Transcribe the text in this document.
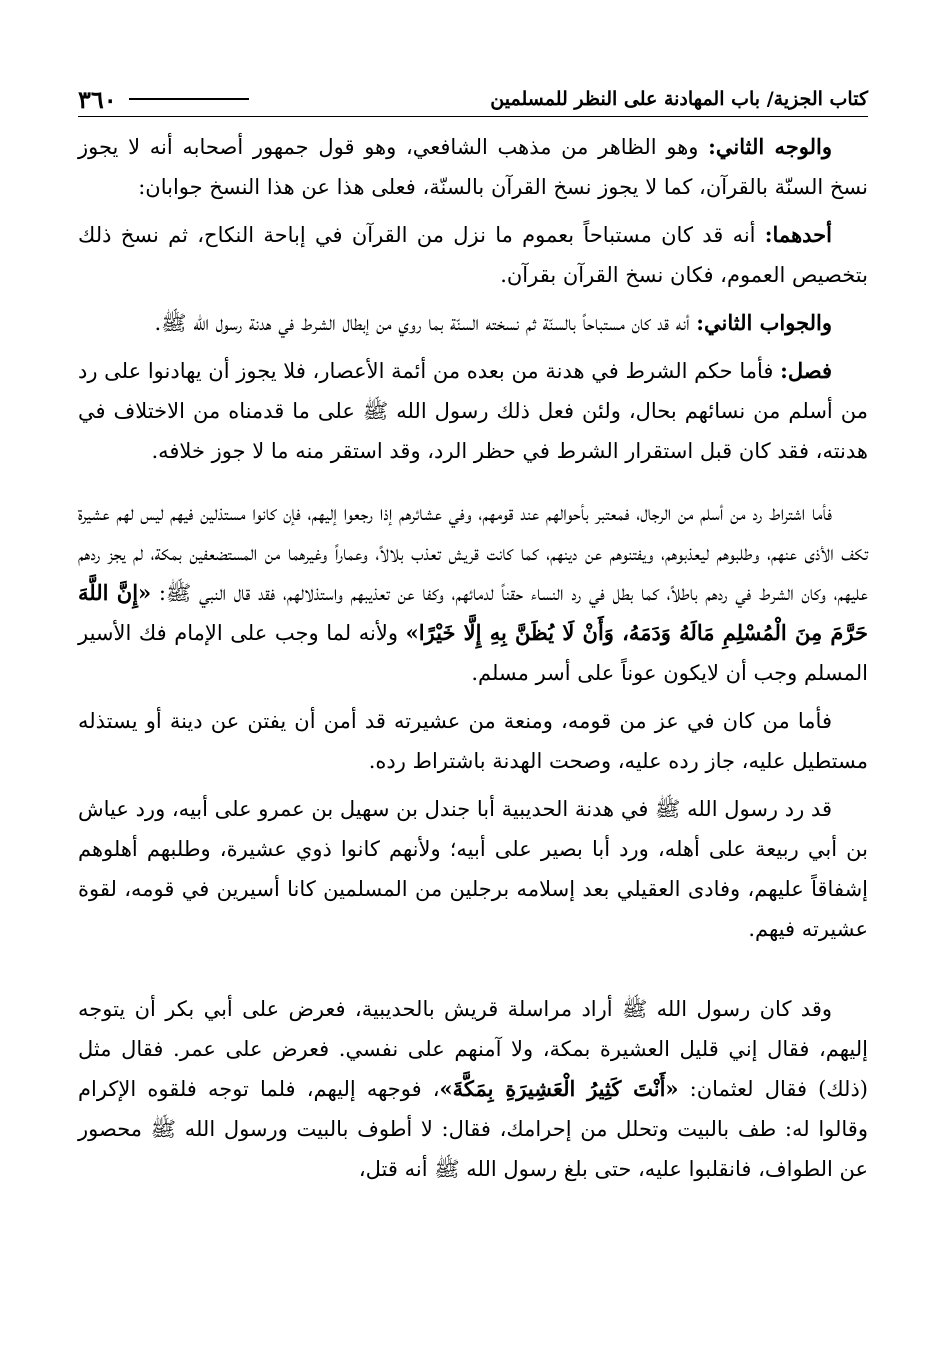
كتاب الجزية/ باب المهادنة على النظر للمسلمين
٣٦٠

والوجه الثاني: وهو الظاهر من مذهب الشافعي، وهو قول جمهور أصحابه أنه لا يجوز نسخ السنّة بالقرآن، كما لا يجوز نسخ القرآن بالسنّة، فعلى هذا عن هذا النسخ جوابان:

أحدهما: أنه قد كان مستباحاً بعموم ما نزل من القرآن في إباحة النكاح، ثم نسخ ذلك بتخصيص العموم، فكان نسخ القرآن بقرآن.

والجواب الثاني: أنه قد كان مستباحاً بالسنّة ثم نسخته السنّة بما روي من إبطال الشرط في هدنة رسول الله ﷺ.

فصل: فأما حكم الشرط في هدنة من بعده من أئمة الأعصار، فلا يجوز أن يهادنوا على رد من أسلم من نسائهم بحال، ولئن فعل ذلك رسول الله ﷺ على ما قدمناه من الاختلاف في هدنته، فقد كان قبل استقرار الشرط في حظر الرد، وقد استقر منه ما لا جوز خلافه.

فأما اشتراط رد من أسلم من الرجال، فمعتبر بأحوالهم عند قومهم، وفي عشائرهم إذا رجعوا إليهم، فإن كانوا مستذلين فيهم ليس لهم عشيرة تكف الأذى عنهم، وطلبوهم ليعذبوهم، ويفتنوهم عن دينهم، كما كانت قريش تعذب بلالاً، وعماراً وغيرهما من المستضعفين بمكة، لم يجز ردهم عليهم، وكان الشرط في ردهم باطلاً، كما بطل في رد النساء حقناً لدمائهم، وكفا عن تعذيبهم واستذلالهم، فقد قال النبي ﷺ: «إِنَّ اللَّهَ حَرَّمَ مِنَ الْمُسْلِمِ مَالَهُ وَدَمَهُ، وَأَنْ لَا يُظَنَّ بِهِ إِلَّا خَيْرًا» ولأنه لما وجب على الإمام فك الأسير المسلم وجب أن لايكون عوناً على أسر مسلم.

فأما من كان في عز من قومه، ومنعة من عشيرته قد أمن أن يفتن عن دينة أو يستذله مستطيل عليه، جاز رده عليه، وصحت الهدنة باشتراط رده.

قد رد رسول الله ﷺ في هدنة الحديبية أبا جندل بن سهيل بن عمرو على أبيه، ورد عياش بن أبي ربيعة على أهله، ورد أبا بصير على أبيه؛ ولأنهم كانوا ذوي عشيرة، وطلبهم أهلوهم إشفاقاً عليهم، وفادى العقيلي بعد إسلامه برجلين من المسلمين كانا أسيرين في قومه، لقوة عشيرته فيهم.

وقد كان رسول الله ﷺ أراد مراسلة قريش بالحديبية، فعرض على أبي بكر أن يتوجه إليهم، فقال إني قليل العشيرة بمكة، ولا آمنهم على نفسي. فعرض على عمر. فقال مثل (ذلك) فقال لعثمان: «أَنْتَ كَثِيرُ الْعَشِيرَةِ بِمَكَّةَ»، فوجهه إليهم، فلما توجه فلقوه الإكرام وقالوا له: طف بالبيت وتحلل من إحرامك، فقال: لا أطوف بالبيت ورسول الله ﷺ محصور عن الطواف، فانقلبوا عليه، حتى بلغ رسول الله ﷺ أنه قتل،
